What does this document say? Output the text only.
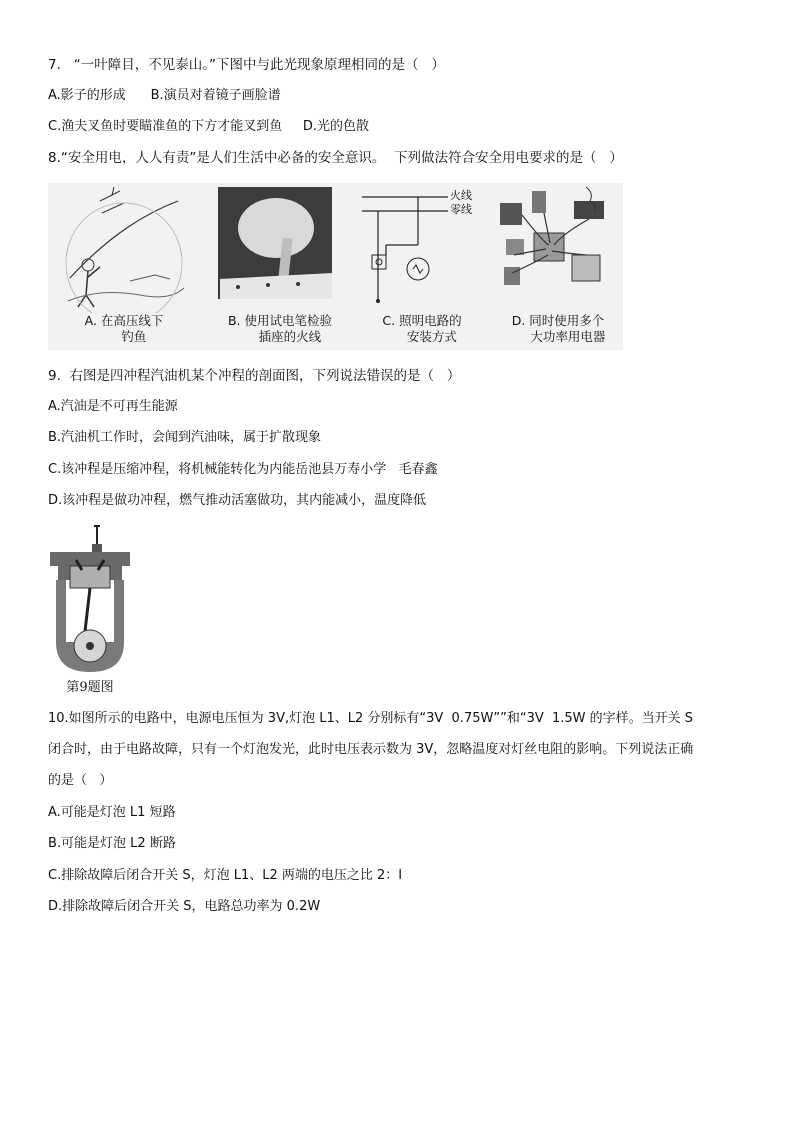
7.   “一叶障目，不见泰山。”下图中与此光现象原理相同的是（   ）
A.影子的形成      B.演员对着镜子画脸谱
C.渔夫叉鱼时要瞄准鱼的下方才能叉到鱼     D.光的色散
8.“安全用电，人人有责”是人们生活中必备的安全意识。  下列做法符合安全用电要求的是（   ）
A. 在高压线下
钓鱼
B. 使用试电笔检验
插座的火线
火线
零线
C. 照明电路的
安装方式
D. 同时使用多个
大功率用电器
9.  右图是四冲程汽油机某个冲程的剖面图，下列说法错误的是（   ）
A.汽油是不可再生能源
B.汽油机工作时，会闻到汽油味，属于扩散现象
C.该冲程是压缩冲程，将机械能转化为内能岳池县万寿小学   毛春鑫
D.该冲程是做功冲程，燃气推动活塞做功，其内能减小，温度降低
第9题图
10.如图所示的电路中，电源电压恒为 3V,灯泡 L1、L2 分别标有“3V  0.75W””和“3V  1.5W 的字样。当开关 S
闭合时，由于电路故障，只有一个灯泡发光，此时电压表示数为 3V，忽略温度对灯丝电阻的影响。下列说法正确
的是（   ）
A.可能是灯泡 L1 短路
B.可能是灯泡 L2 断路
C.排除故障后闭合开关 S，灯泡 L1、L2 两端的电压之比 2：I
D.排除故障后闭合开关 S，电路总功率为 0.2W
